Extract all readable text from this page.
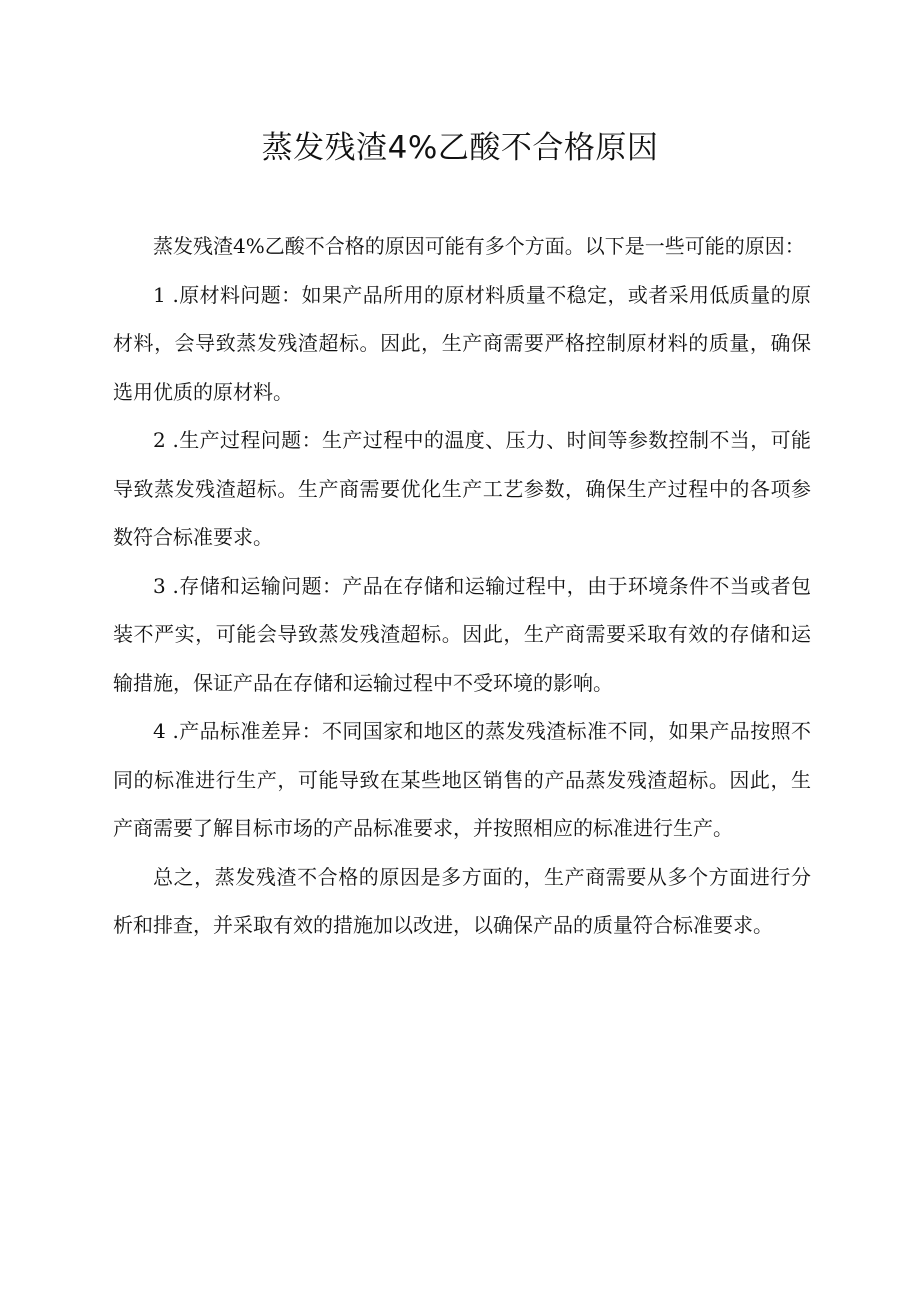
蒸发残渣4%乙酸不合格原因

蒸发残渣4%乙酸不合格的原因可能有多个方面。以下是一些可能的原因：

1 .原材料问题：如果产品所用的原材料质量不稳定，或者采用低质量的原材料，会导致蒸发残渣超标。因此，生产商需要严格控制原材料的质量，确保选用优质的原材料。

2 .生产过程问题：生产过程中的温度、压力、时间等参数控制不当，可能导致蒸发残渣超标。生产商需要优化生产工艺参数，确保生产过程中的各项参数符合标准要求。

3 .存储和运输问题：产品在存储和运输过程中，由于环境条件不当或者包装不严实，可能会导致蒸发残渣超标。因此，生产商需要采取有效的存储和运输措施，保证产品在存储和运输过程中不受环境的影响。

4 .产品标准差异：不同国家和地区的蒸发残渣标准不同，如果产品按照不同的标准进行生产，可能导致在某些地区销售的产品蒸发残渣超标。因此，生产商需要了解目标市场的产品标准要求，并按照相应的标准进行生产。

总之，蒸发残渣不合格的原因是多方面的，生产商需要从多个方面进行分析和排查，并采取有效的措施加以改进，以确保产品的质量符合标准要求。
